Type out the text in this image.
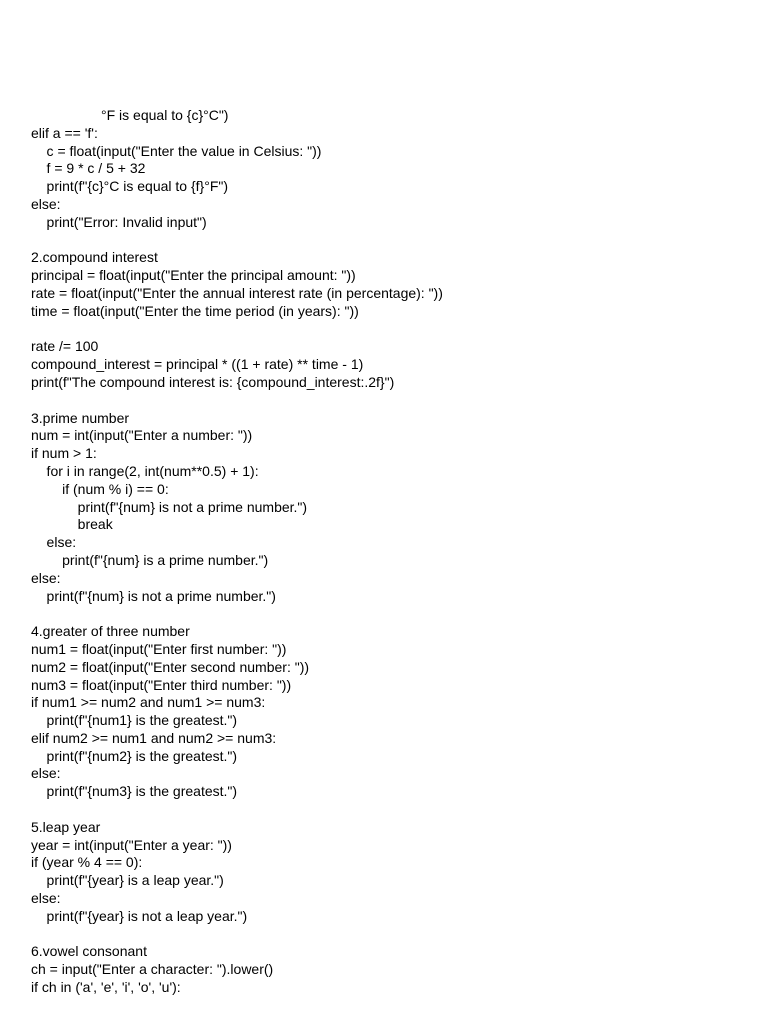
°F is equal to {c}°C")
elif a == 'f':
c = float(input("Enter the value in Celsius: "))
f = 9 * c / 5 + 32
print(f"{c}°C is equal to {f}°F")
else:
print("Error: Invalid input")

2.compound interest
principal = float(input("Enter the principal amount: "))
rate = float(input("Enter the annual interest rate (in percentage): "))
time = float(input("Enter the time period (in years): "))

rate /= 100
compound_interest = principal * ((1 + rate) ** time - 1)
print(f"The compound interest is: {compound_interest:.2f}")

3.prime number
num = int(input("Enter a number: "))
if num > 1:
for i in range(2, int(num**0.5) + 1):
if (num % i) == 0:
print(f"{num} is not a prime number.")
break
else:
print(f"{num} is a prime number.")
else:
print(f"{num} is not a prime number.")

4.greater of three number
num1 = float(input("Enter first number: "))
num2 = float(input("Enter second number: "))
num3 = float(input("Enter third number: "))
if num1 >= num2 and num1 >= num3:
print(f"{num1} is the greatest.")
elif num2 >= num1 and num2 >= num3:
print(f"{num2} is the greatest.")
else:
print(f"{num3} is the greatest.")

5.leap year
year = int(input("Enter a year: "))
if (year % 4 == 0):
print(f"{year} is a leap year.")
else:
print(f"{year} is not a leap year.")

6.vowel consonant
ch = input("Enter a character: ").lower()
if ch in ('a', 'e', 'i', 'o', 'u'):
